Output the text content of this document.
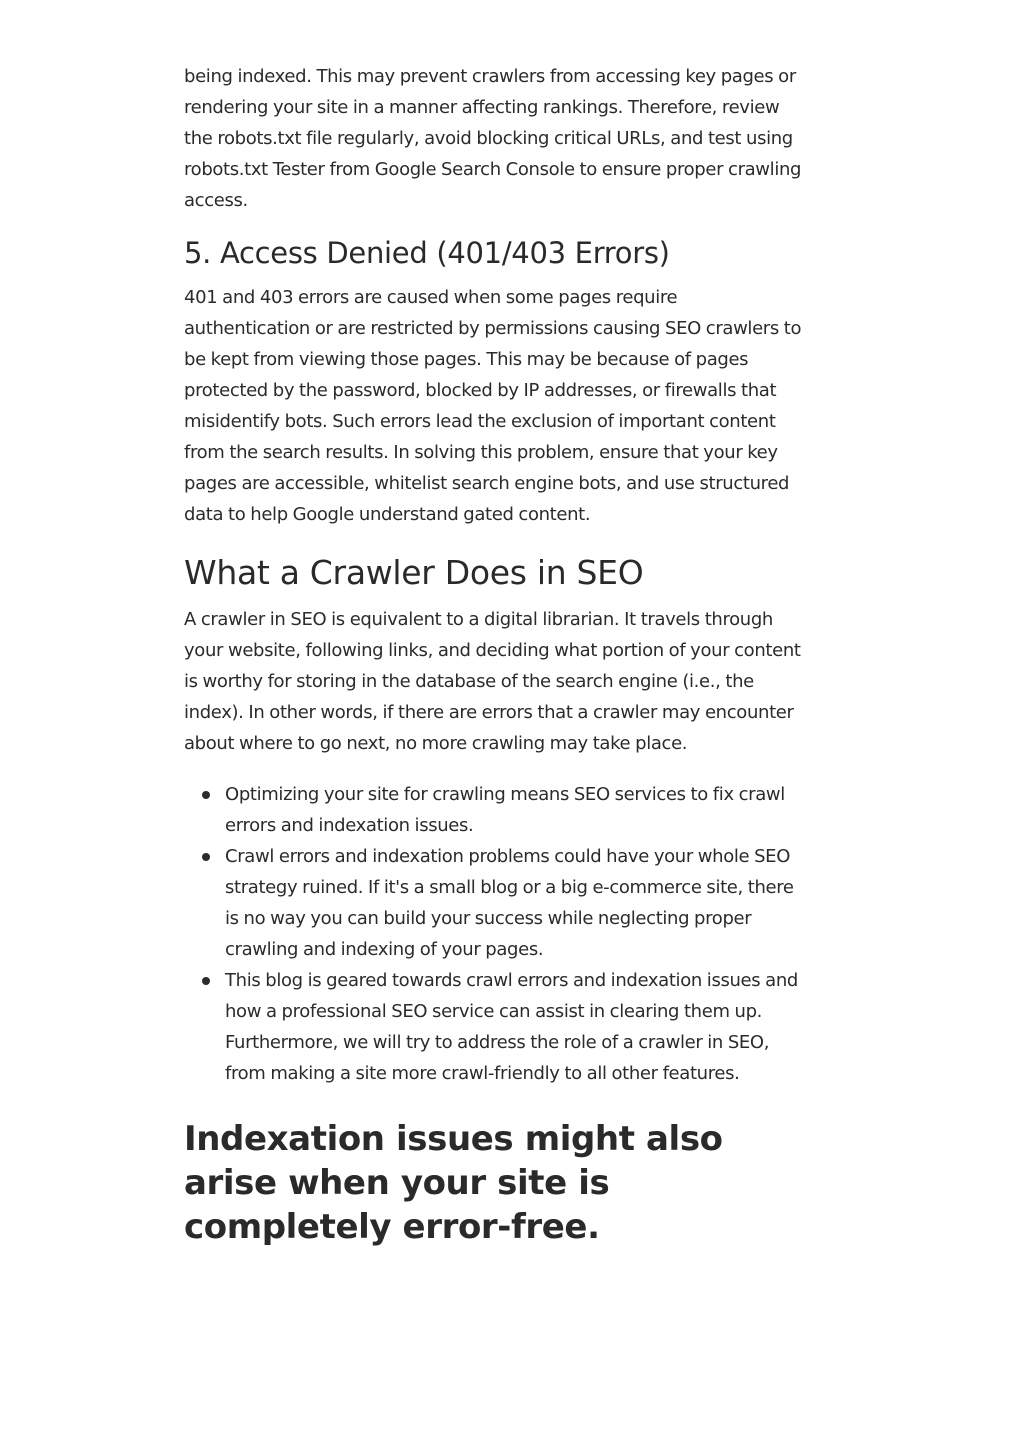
being indexed. This may prevent crawlers from accessing key pages or rendering your site in a manner affecting rankings. Therefore, review the robots.txt file regularly, avoid blocking critical URLs, and test using robots.txt Tester from Google Search Console to ensure proper crawling access.

5. Access Denied (401/403 Errors)

401 and 403 errors are caused when some pages require authentication or are restricted by permissions causing SEO crawlers to be kept from viewing those pages. This may be because of pages protected by the password, blocked by IP addresses, or firewalls that misidentify bots. Such errors lead the exclusion of important content from the search results. In solving this problem, ensure that your key pages are accessible, whitelist search engine bots, and use structured data to help Google understand gated content.

What a Crawler Does in SEO

A crawler in SEO is equivalent to a digital librarian. It travels through your website, following links, and deciding what portion of your content is worthy for storing in the database of the search engine (i.e., the index). In other words, if there are errors that a crawler may encounter about where to go next, no more crawling may take place.

Optimizing your site for crawling means SEO services to fix crawl errors and indexation issues.
Crawl errors and indexation problems could have your whole SEO strategy ruined. If it's a small blog or a big e-commerce site, there is no way you can build your success while neglecting proper crawling and indexing of your pages.
This blog is geared towards crawl errors and indexation issues and how a professional SEO service can assist in clearing them up. Furthermore, we will try to address the role of a crawler in SEO, from making a site more crawl-friendly to all other features.
Indexation issues might also arise when your site is completely error-free.
